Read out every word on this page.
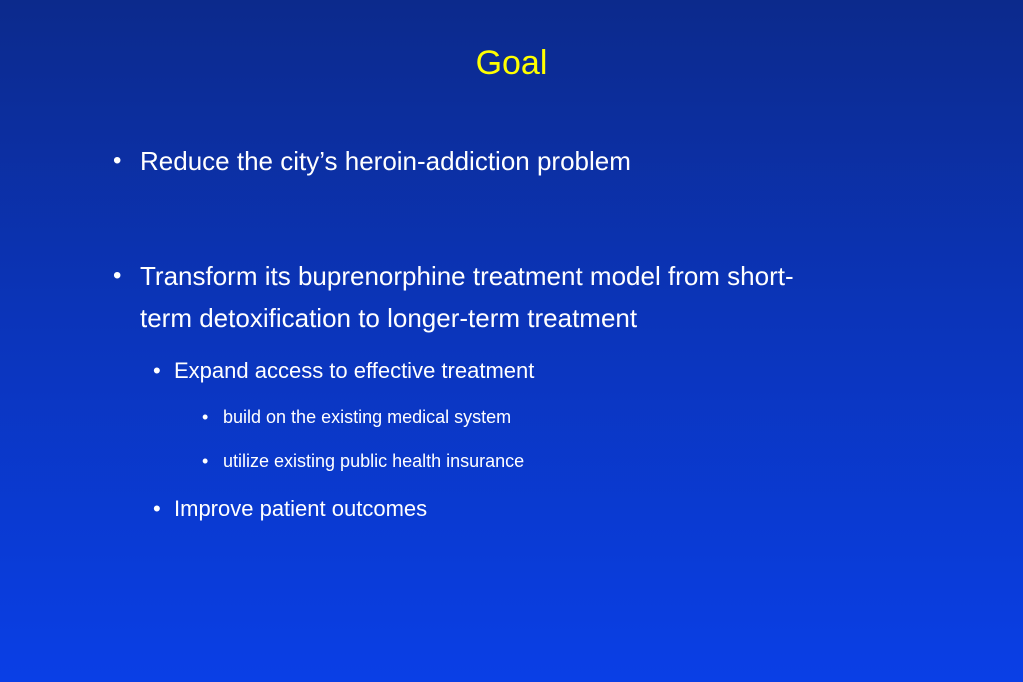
Goal
• Reduce the city’s heroin-addiction problem
• Transform its buprenorphine treatment model from short-
term detoxification to longer-term treatment
• Expand access to effective treatment
• build on the existing medical system
• utilize existing public health insurance
• Improve patient outcomes
